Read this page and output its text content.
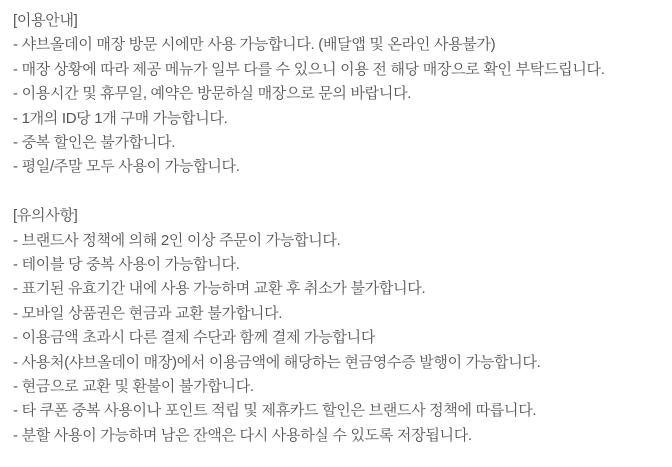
[이용안내]
- 샤브올데이 매장 방문 시에만 사용 가능합니다. (배달앱 및 온라인 사용불가)
- 매장 상황에 따라 제공 메뉴가 일부 다를 수 있으니 이용 전 해당 매장으로 확인 부탁드립니다.
- 이용시간 및 휴무일, 예약은 방문하실 매장으로 문의 바랍니다.
- 1개의 ID당 1개 구매 가능합니다.
- 중복 할인은 불가합니다.
- 평일/주말 모두 사용이 가능합니다.
[유의사항]
- 브랜드사 정책에 의해 2인 이상 주문이 가능합니다.
- 테이블 당 중복 사용이 가능합니다.
- 표기된 유효기간 내에 사용 가능하며 교환 후 취소가 불가합니다.
- 모바일 상품권은 현금과 교환 불가합니다.
- 이용금액 초과시 다른 결제 수단과 함께 결제 가능합니다
- 사용처(샤브올데이 매장)에서 이용금액에 해당하는 현금영수증 발행이 가능합니다.
- 현금으로 교환 및 환불이 불가합니다.
- 타 쿠폰 중복 사용이나 포인트 적립 및 제휴카드 할인은 브랜드사 정책에 따릅니다.
- 분할 사용이 가능하며 남은 잔액은 다시 사용하실 수 있도록 저장됩니다.
